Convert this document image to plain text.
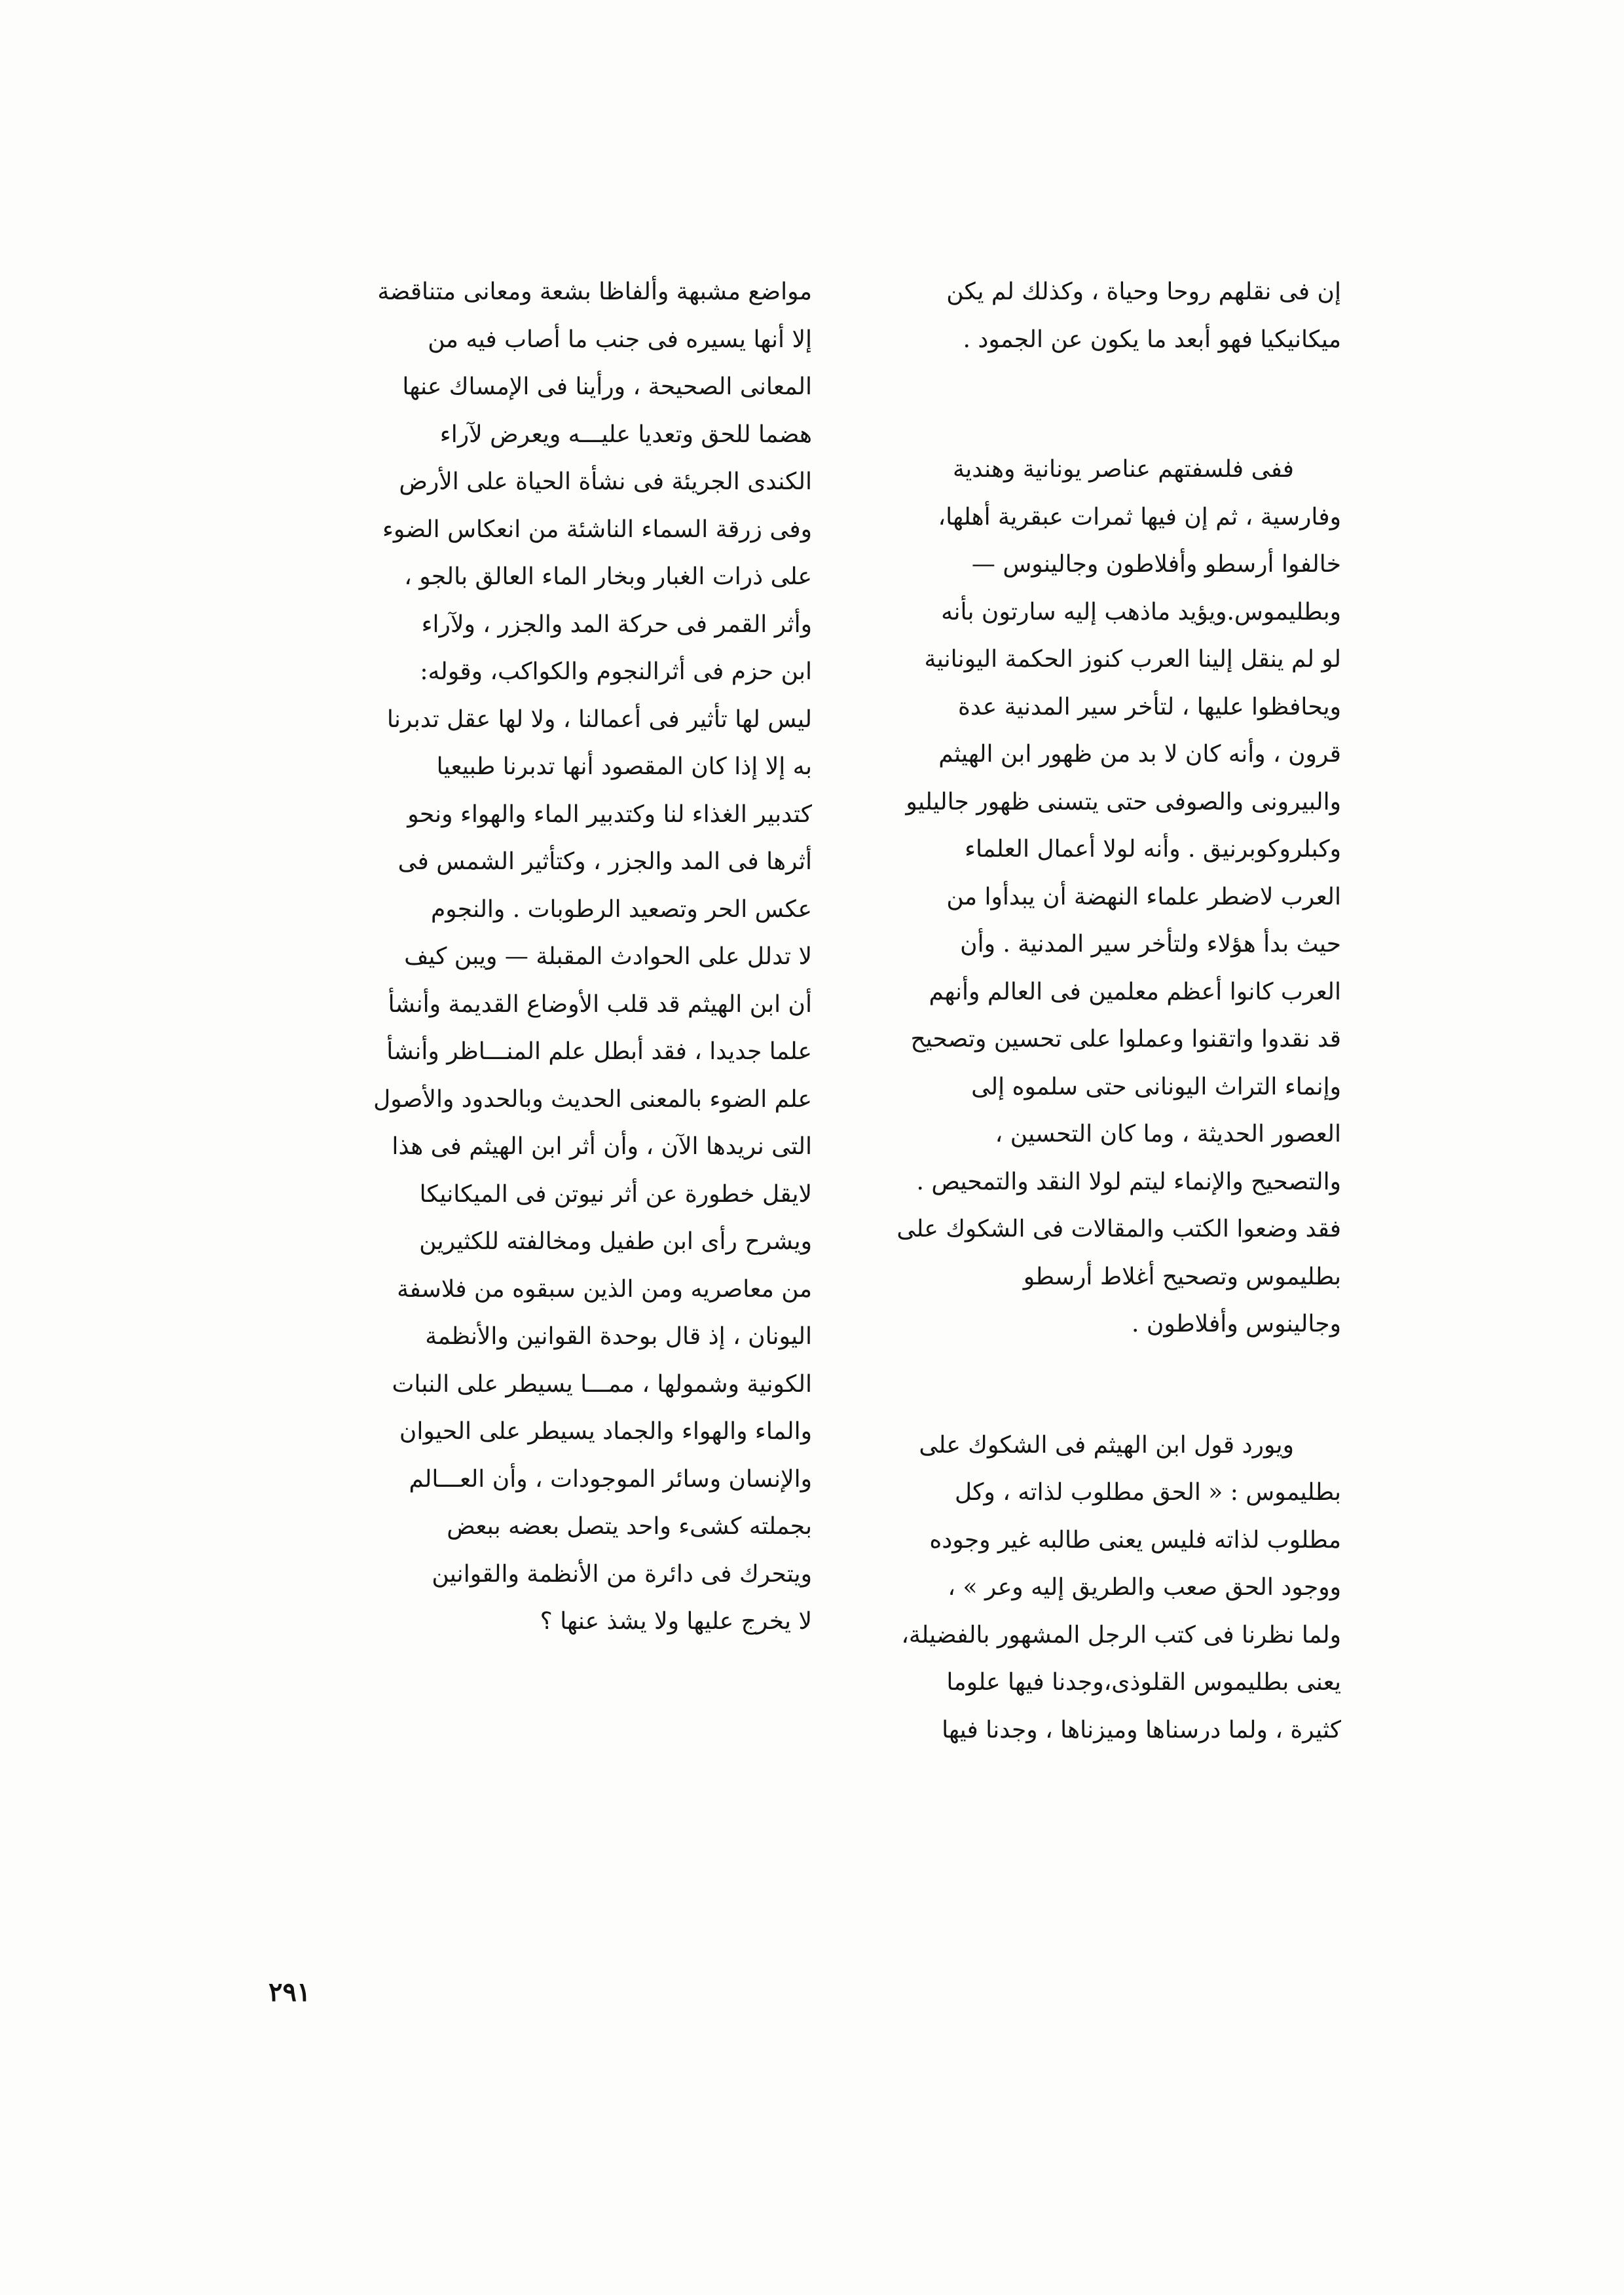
إن فى نقلهم روحا وحياة ، وكذلك لم يكن
ميكانيكيا فهو أبعد ما يكون عن الجمود .
ففى فلسفتهم عناصر يونانية وهندية
وفارسية ، ثم إن فيها ثمرات عبقرية أهلها،
خالفوا أرسطو وأفلاطون وجالينوس —
وبطليموس.ويؤيد ماذهب إليه سارتون بأنه
لو لم ينقل إلينا العرب كنوز الحكمة اليونانية
ويحافظوا عليها ، لتأخر سير المدنية عدة
قرون ، وأنه كان لا بد من ظهور ابن الهيثم
والبيرونى والصوفى حتى يتسنى ظهور جاليليو
وكبلروكوبرنيق . وأنه لولا أعمال العلماء
العرب لاضطر علماء النهضة أن يبدأوا من
حيث بدأ هؤلاء ولتأخر سير المدنية . وأن
العرب كانوا أعظم معلمين فى العالم وأنهم
قد نقدوا واتقنوا وعملوا على تحسين وتصحيح
وإنماء التراث اليونانى حتى سلموه إلى
العصور الحديثة ، وما كان التحسين ،
والتصحيح والإنماء ليتم لولا النقد والتمحيص .
فقد وضعوا الكتب والمقالات فى الشكوك على
بطليموس وتصحيح أغلاط أرسطو
وجالينوس وأفلاطون .
ويورد قول ابن الهيثم فى الشكوك على
بطليموس : « الحق مطلوب لذاته ، وكل
مطلوب لذاته فليس يعنى طالبه غير وجوده
ووجود الحق صعب والطريق إليه وعر » ،
ولما نظرنا فى كتب الرجل المشهور بالفضيلة،
يعنى بطليموس القلوذى،وجدنا فيها علوما
كثيرة ، ولما درسناها وميزناها ، وجدنا فيها
مواضع مشبهة وألفاظا بشعة ومعانى متناقضة
إلا أنها يسيره فى جنب ما أصاب فيه من
المعانى الصحيحة ، ورأينا فى الإمساك عنها
هضما للحق وتعديا عليـــه ويعرض لآراء
الكندى الجريئة فى نشأة الحياة على الأرض
وفى زرقة السماء الناشئة من انعكاس الضوء
على ذرات الغبار وبخار الماء العالق بالجو ،
وأثر القمر فى حركة المد والجزر ، ولآراء
ابن حزم فى أثرالنجوم والكواكب، وقوله:
ليس لها تأثير فى أعمالنا ، ولا لها عقل تدبرنا
به إلا إذا كان المقصود أنها تدبرنا طبيعيا
كتدبير الغذاء لنا وكتدبير الماء والهواء ونحو
أثرها فى المد والجزر ، وكتأثير الشمس فى
عكس الحر وتصعيد الرطوبات . والنجوم
لا تدلل على الحوادث المقبلة — ويبن كيف
أن ابن الهيثم قد قلب الأوضاع القديمة وأنشأ
علما جديدا ، فقد أبطل علم المنـــاظر وأنشأ
علم الضوء بالمعنى الحديث وبالحدود والأصول
التى نريدها الآن ، وأن أثر ابن الهيثم فى هذا
لايقل خطورة عن أثر نيوتن فى الميكانيكا
ويشرح رأى ابن طفيل ومخالفته للكثيرين
من معاصريه ومن الذين سبقوه من فلاسفة
اليونان ، إذ قال بوحدة القوانين والأنظمة
الكونية وشمولها ، ممـــا يسيطر على النبات
والماء والهواء والجماد يسيطر على الحيوان
والإنسان وسائر الموجودات ، وأن العـــالم
بجملته كشىء واحد يتصل بعضه ببعض
ويتحرك فى دائرة من الأنظمة والقوانين
لا يخرج عليها ولا يشذ عنها ؟
٢٩١
